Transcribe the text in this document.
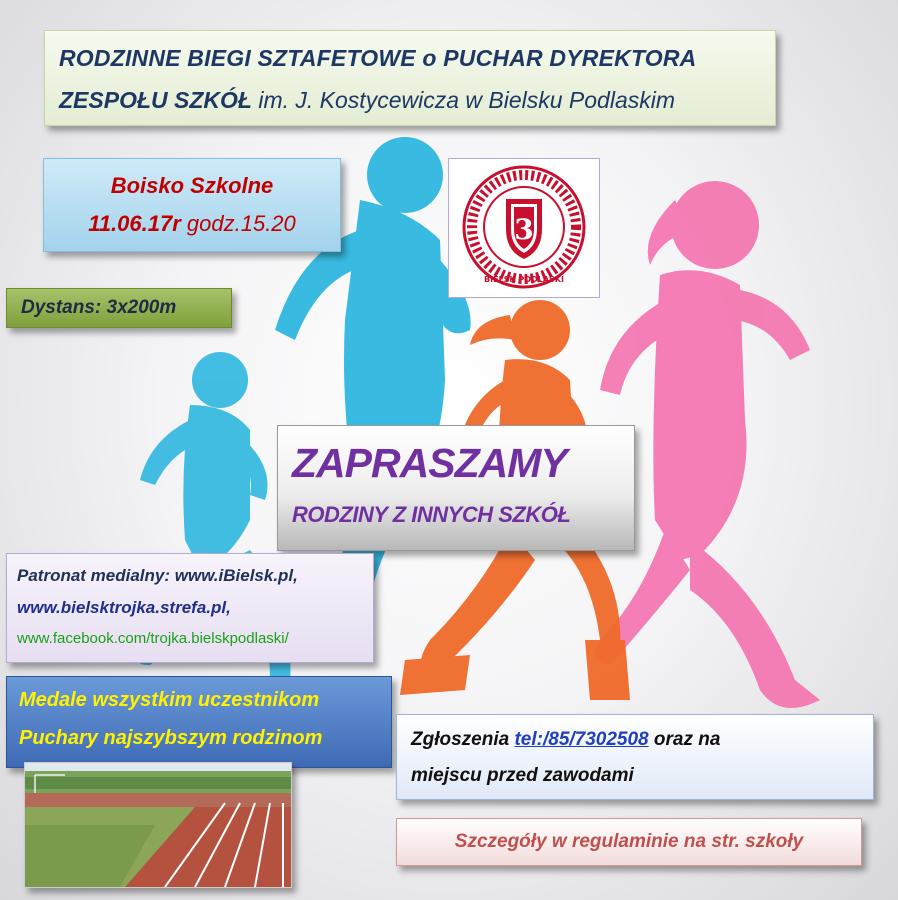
RODZINNE BIEGI SZTAFETOWE o PUCHAR DYREKTORA
ZESPOŁU SZKÓŁ im. J. Kostycewicza w Bielsku Podlaskim
Boisko Szkolne
11.06.17r godz.15.20	3
BIELSK PODLASKI
Dystans: 3x200m
ZAPRASZAMY
RODZINY Z INNYCH SZKÓŁ
Patronat medialny: www.iBielsk.pl,
www.bielsktrojka.strefa.pl,
www.facebook.com/trojka.bielskpodlaski/
Medale wszystkim uczestnikom
Puchary najszybszym rodzinom	Zgłoszenia tel:/85/7302508 oraz na
miejscu przed zawodami
Szczegóły w regulaminie na str. szkoły
